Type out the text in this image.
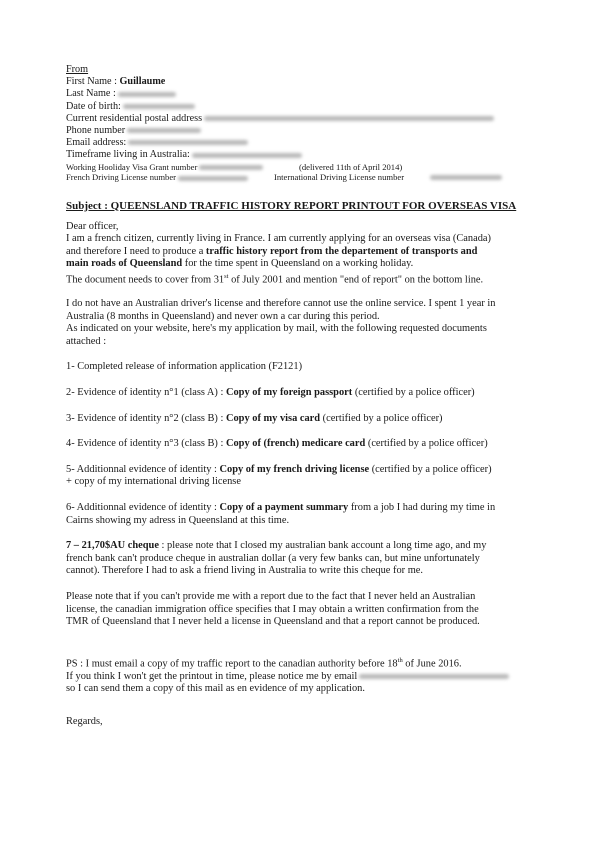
From
First Name : Guillaume
Last Name :
Date of birth:
Current residential postal address
Phone number
Email address:
Timeframe living in Australia:
Working Hooliday Visa Grant number	(delivered 11th of April 2014)
French Driving License number	International Driving License number
Subject : QUEENSLAND TRAFFIC HISTORY REPORT PRINTOUT FOR OVERSEAS VISA

Dear officer,

I am a french citizen, currently living in France. I am currently applying for an overseas visa (Canada)

and therefore I need to produce a traffic history report from the departement of transports and

main roads of Queensland for the time spent in Queensland on a working holiday.

The document needs to cover from 31st of July 2001 and mention "end of report" on the bottom line.

I do not have an Australian driver's license and therefore cannot use the online service. I spent 1 year in

Australia (8 months in Queensland) and never own a car during this period.

As indicated on your website, here's my application by mail, with the following requested documents

attached :

1- Completed release of information application (F2121)

2- Evidence of identity n°1 (class A) : Copy of my foreign passport (certified by a police officer)

3- Evidence of identity n°2 (class B) : Copy of my visa card (certified by a police officer)

4- Evidence of identity n°3 (class B) : Copy of (french) medicare card (certified by a police officer)

5- Additionnal evidence of identity : Copy of my french driving license (certified by a police officer)

+ copy of my international driving license

6- Additionnal evidence of identity : Copy of a payment summary from a job I had during my time in

Cairns showing my adress in Queensland at this time.

7 – 21,70$AU cheque : please note that I closed my australian bank account a long time ago, and my

french bank can't produce cheque in australian dollar (a very few banks can, but mine unfortunately

cannot). Therefore I had to ask a friend living in Australia to write this cheque for me.

Please note that if you can't provide me with a report due to the fact that I never held an Australian

license, the canadian immigration office specifies that I may obtain a written confirmation from the

TMR of Queensland that I never held a license in Queensland and that a report cannot be produced.

PS : I must email a copy of my traffic report to the canadian authority before 18th of June 2016.

If you think I won't get the printout in time, please notice me by email

so I can send them a copy of this mail as en evidence of my application.

Regards,
